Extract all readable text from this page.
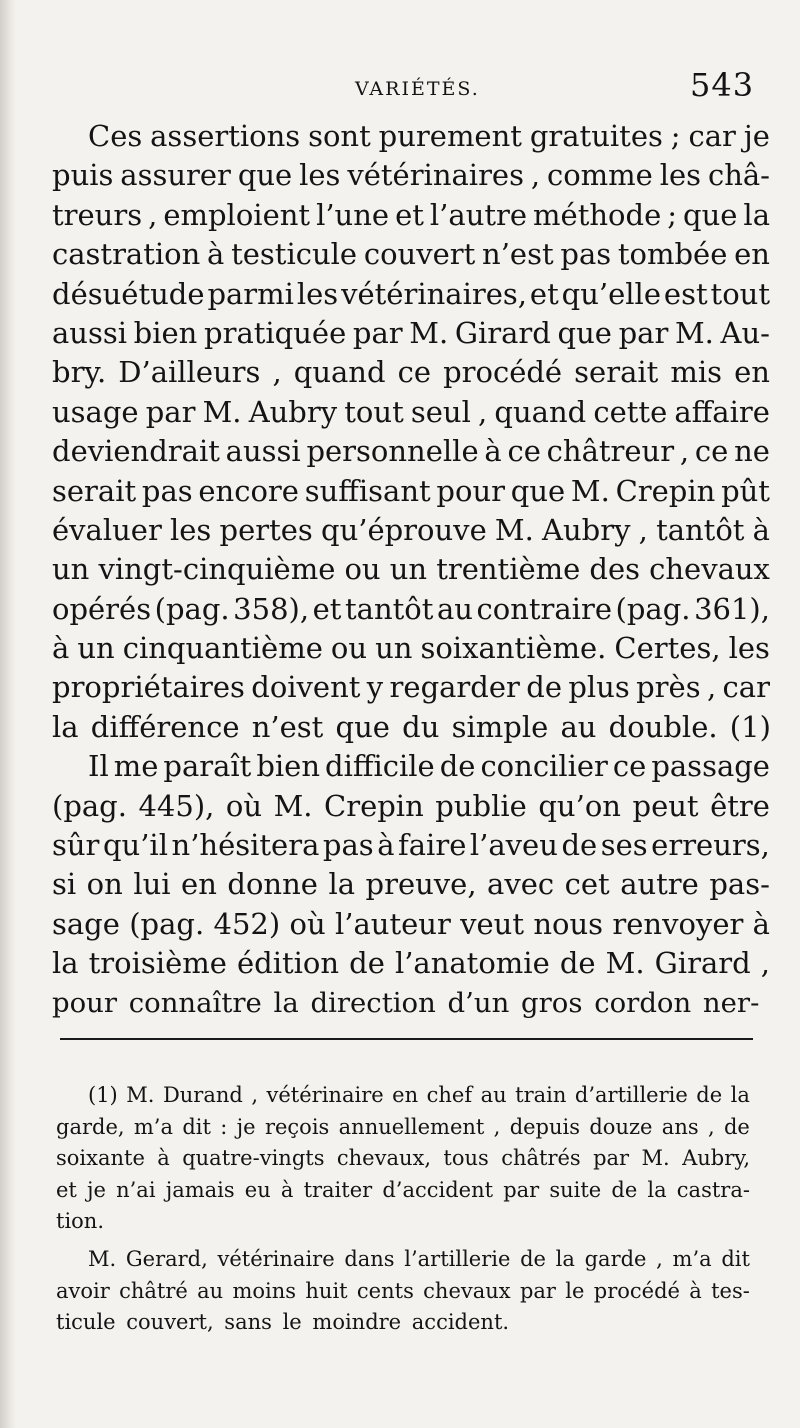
VARIÉTÉS.	543
Ces assertions sont purement gratuites ; car je
puis assurer que les vétérinaires , comme les châ-
treurs , emploient l’une et l’autre méthode ; que la
castration à testicule couvert n’est pas tombée en
désuétude parmi les vétérinaires, et qu’elle est tout
aussi bien pratiquée par M. Girard que par M. Au-
bry. D’ailleurs , quand ce procédé serait mis en
usage par M. Aubry tout seul , quand cette affaire
deviendrait aussi personnelle à ce châtreur , ce ne
serait pas encore suffisant pour que M. Crepin pût
évaluer les pertes qu’éprouve M. Aubry , tantôt à
un vingt-cinquième ou un trentième des chevaux
opérés (pag. 358), et tantôt au contraire (pag. 361),
à un cinquantième ou un soixantième. Certes, les
propriétaires doivent y regarder de plus près , car
la différence n’est que du simple au double. (1)
Il me paraît bien difficile de concilier ce passage
(pag. 445), où M. Crepin publie qu’on peut être
sûr qu’il n’hésitera pas à faire l’aveu de ses erreurs,
si on lui en donne la preuve, avec cet autre pas-
sage (pag. 452) où l’auteur veut nous renvoyer à
la troisième édition de l’anatomie de M. Girard ,
pour connaître la direction d’un gros cordon ner-
(1) M. Durand , vétérinaire en chef au train d’artillerie de la
garde, m’a dit : je reçois annuellement , depuis douze ans , de
soixante à quatre-vingts chevaux, tous châtrés par M. Aubry,
et je n’ai jamais eu à traiter d’accident par suite de la castra-
tion.
M. Gerard, vétérinaire dans l’artillerie de la garde , m’a dit
avoir châtré au moins huit cents chevaux par le procédé à tes-
ticule couvert, sans le moindre accident.
